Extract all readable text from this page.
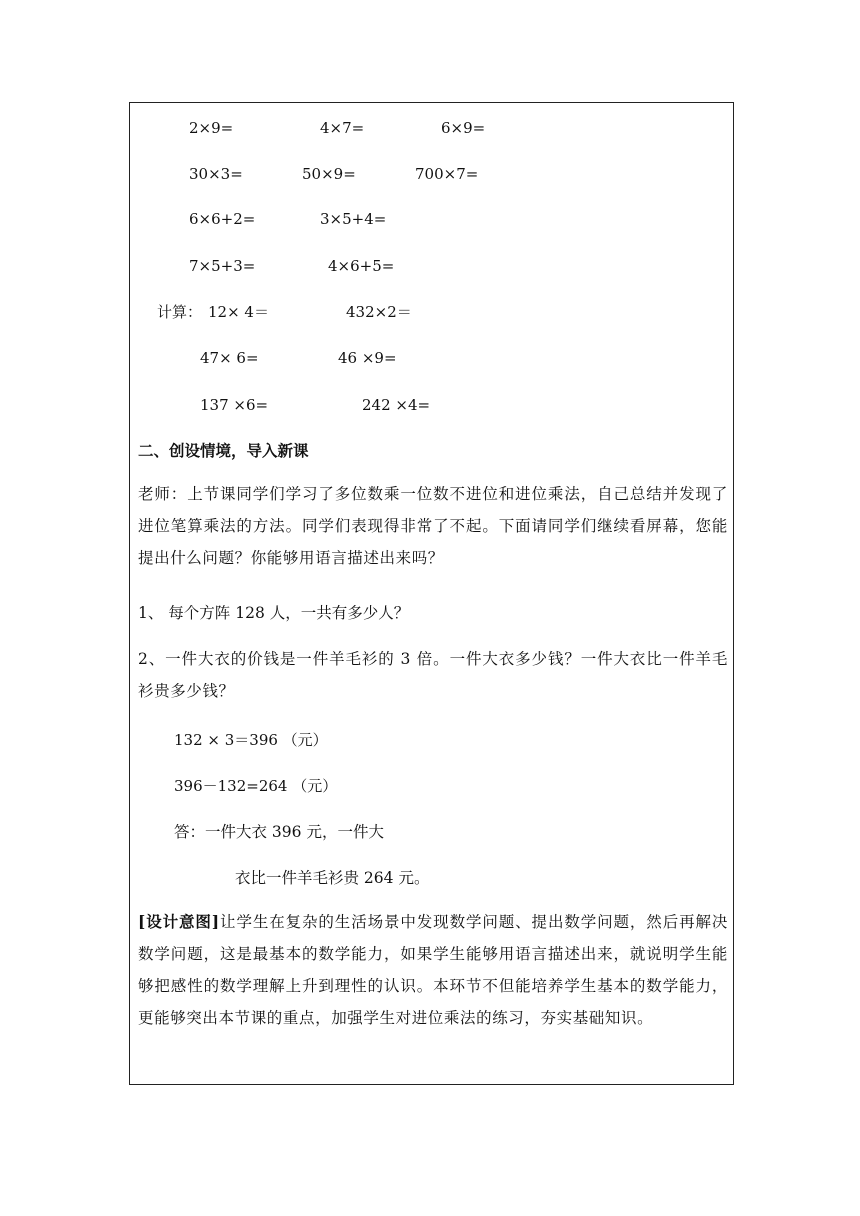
2×9=	4×7=	6×9=
30×3=	50×9=	700×7=
6×6+2=	3×5+4=
7×5+3=	4×6+5=
计算： 12× 4＝	432×2＝
47× 6=	46 ×9=
137 ×6=	242 ×4=
二、创设情境，导入新课
老师：上节课同学们学习了多位数乘一位数不进位和进位乘法，自己总结并发现了进位笔算乘法的方法。同学们表现得非常了不起。下面请同学们继续看屏幕，您能提出什么问题？你能够用语言描述出来吗？
1、 每个方阵 128 人，一共有多少人？
2、一件大衣的价钱是一件羊毛衫的 3 倍。一件大衣多少钱？一件大衣比一件羊毛衫贵多少钱？
132 × 3＝396 （元）
396－132=264 （元）
答：一件大衣 396 元，一件大
衣比一件羊毛衫贵 264 元。
[设计意图]让学生在复杂的生活场景中发现数学问题、提出数学问题，然后再解决数学问题，这是最基本的数学能力，如果学生能够用语言描述出来，就说明学生能够把感性的数学理解上升到理性的认识。本环节不但能培养学生基本的数学能力，更能够突出本节课的重点，加强学生对进位乘法的练习，夯实基础知识。
